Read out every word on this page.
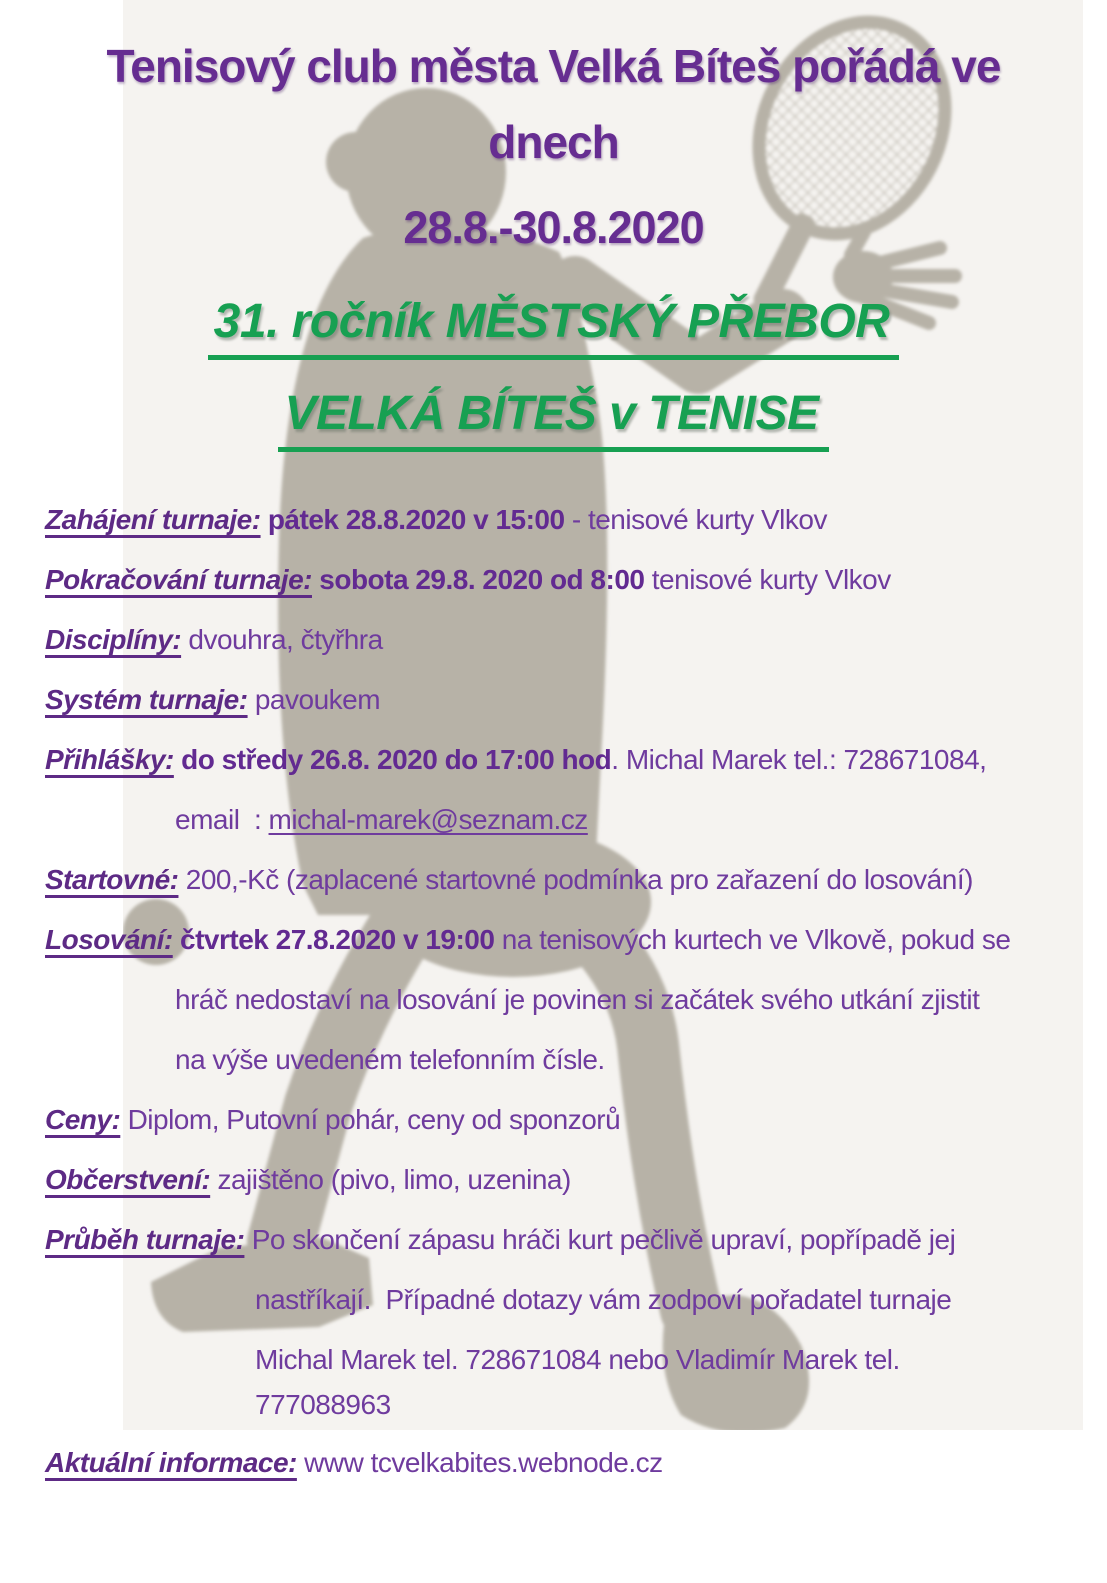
Tenisový club města Velká Bíteš pořádá ve
dnech
28.8.-30.8.2020
31. ročník MĚSTSKÝ PŘEBOR
VELKÁ BÍTEŠ v TENISE
Zahájení turnaje: pátek 28.8.2020 v 15:00 - tenisové kurty Vlkov
Pokračování turnaje: sobota 29.8. 2020 od 8:00 tenisové kurty Vlkov
Disciplíny: dvouhra, čtyřhra
Systém turnaje: pavoukem
Přihlášky: do středy 26.8. 2020 do 17:00 hod. Michal Marek tel.: 728671084,
email  : michal-marek@seznam.cz
Startovné: 200,-Kč (zaplacené startovné podmínka pro zařazení do losování)
Losování: čtvrtek 27.8.2020 v 19:00 na tenisových kurtech ve Vlkově, pokud se
hráč nedostaví na losování je povinen si začátek svého utkání zjistit
na výše uvedeném telefonním čísle.
Ceny: Diplom, Putovní pohár, ceny od sponzorů
Občerstvení: zajištěno (pivo, limo, uzenina)
Průběh turnaje: Po skončení zápasu hráči kurt pečlivě upraví, popřípadě jej
nastříkají.  Případné dotazy vám zodpoví pořadatel turnaje
Michal Marek tel. 728671084 nebo Vladimír Marek tel.
777088963
Aktuální informace: www tcvelkabites.webnode.cz
